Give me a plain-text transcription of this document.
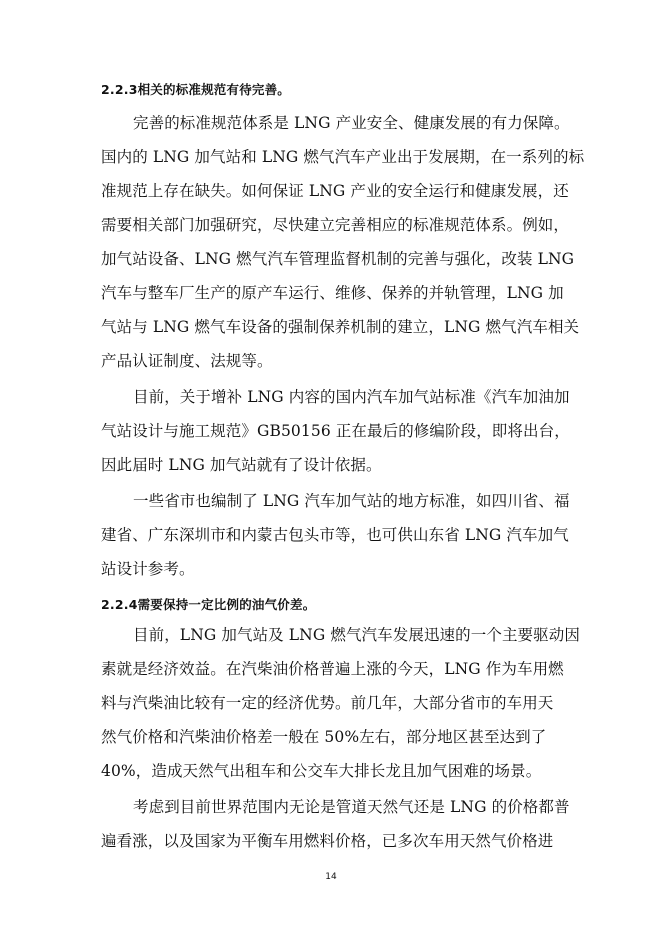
2.2.3相关的标准规范有待完善。
完善的标准规范体系是 LNG 产业安全、健康发展的有力保障。
国内的 LNG 加气站和 LNG 燃气汽车产业出于发展期，在一系列的标
准规范上存在缺失。如何保证 LNG 产业的安全运行和健康发展，还
需要相关部门加强研究，尽快建立完善相应的标准规范体系。例如，
加气站设备、LNG 燃气汽车管理监督机制的完善与强化，改装 LNG
汽车与整车厂生产的原产车运行、维修、保养的并轨管理，LNG 加
气站与 LNG 燃气车设备的强制保养机制的建立，LNG 燃气汽车相关
产品认证制度、法规等。
目前，关于增补 LNG 内容的国内汽车加气站标准《汽车加油加
气站设计与施工规范》GB50156 正在最后的修编阶段，即将出台，
因此届时 LNG 加气站就有了设计依据。
一些省市也编制了 LNG 汽车加气站的地方标准，如四川省、福
建省、广东深圳市和内蒙古包头市等，也可供山东省 LNG 汽车加气
站设计参考。
2.2.4需要保持一定比例的油气价差。
目前，LNG 加气站及 LNG 燃气汽车发展迅速的一个主要驱动因
素就是经济效益。在汽柴油价格普遍上涨的今天，LNG 作为车用燃
料与汽柴油比较有一定的经济优势。前几年，大部分省市的车用天
然气价格和汽柴油价格差一般在 50%左右，部分地区甚至达到了
40%，造成天然气出租车和公交车大排长龙且加气困难的场景。
考虑到目前世界范围内无论是管道天然气还是 LNG 的价格都普
遍看涨，以及国家为平衡车用燃料价格，已多次车用天然气价格进
14
